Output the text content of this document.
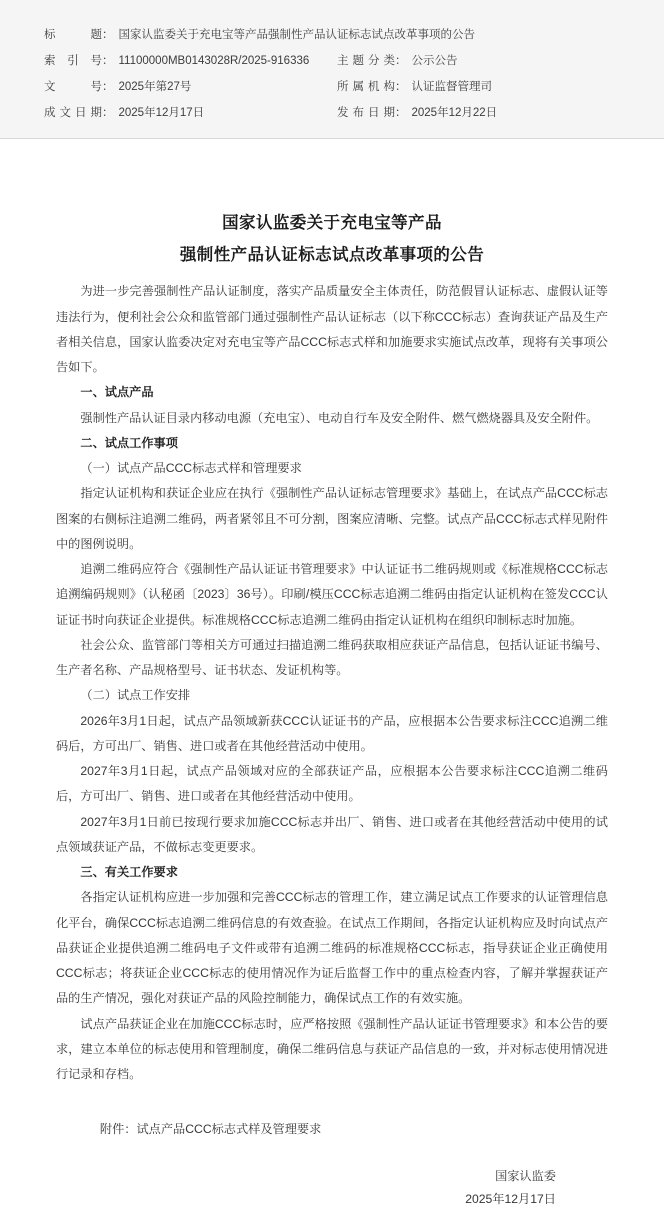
标题 ： 国家认监委关于充电宝等产品强制性产品认证标志试点改革事项的公告
索引号 ： 11100000MB0143028R/2025-916336	主题分类 ： 公示公告
文号 ： 2025年第27号	所属机构 ： 认证监督管理司
成文日期 ： 2025年12月17日	发布日期 ： 2025年12月22日
国家认监委关于充电宝等产品
强制性产品认证标志试点改革事项的公告

为进一步完善强制性产品认证制度，落实产品质量安全主体责任，防范假冒认证标志、虚假认证等违法行为，便利社会公众和监管部门通过强制性产品认证标志（以下称CCC标志）查询获证产品及生产者相关信息，国家认监委决定对充电宝等产品CCC标志式样和加施要求实施试点改革，现将有关事项公告如下。

一、试点产品

强制性产品认证目录内移动电源（充电宝）、电动自行车及安全附件、燃气燃烧器具及安全附件。

二、试点工作事项

（一）试点产品CCC标志式样和管理要求

指定认证机构和获证企业应在执行《强制性产品认证标志管理要求》基础上，在试点产品CCC标志图案的右侧标注追溯二维码，两者紧邻且不可分割，图案应清晰、完整。试点产品CCC标志式样见附件中的图例说明。

追溯二维码应符合《强制性产品认证证书管理要求》中认证证书二维码规则或《标准规格CCC标志追溯编码规则》（认秘函〔2023〕36号）。印刷/模压CCC标志追溯二维码由指定认证机构在签发CCC认证证书时向获证企业提供。标准规格CCC标志追溯二维码由指定认证机构在组织印制标志时加施。

社会公众、监管部门等相关方可通过扫描追溯二维码获取相应获证产品信息，包括认证证书编号、生产者名称、产品规格型号、证书状态、发证机构等。

（二）试点工作安排

2026年3月1日起，试点产品领域新获CCC认证证书的产品，应根据本公告要求标注CCC追溯二维码后，方可出厂、销售、进口或者在其他经营活动中使用。

2027年3月1日起，试点产品领域对应的全部获证产品，应根据本公告要求标注CCC追溯二维码后，方可出厂、销售、进口或者在其他经营活动中使用。

2027年3月1日前已按现行要求加施CCC标志并出厂、销售、进口或者在其他经营活动中使用的试点领域获证产品，不做标志变更要求。

三、有关工作要求

各指定认证机构应进一步加强和完善CCC标志的管理工作，建立满足试点工作要求的认证管理信息化平台，确保CCC标志追溯二维码信息的有效查验。在试点工作期间，各指定认证机构应及时向试点产品获证企业提供追溯二维码电子文件或带有追溯二维码的标准规格CCC标志，指导获证企业正确使用CCC标志；将获证企业CCC标志的使用情况作为证后监督工作中的重点检查内容，了解并掌握获证产品的生产情况，强化对获证产品的风险控制能力，确保试点工作的有效实施。

试点产品获证企业在加施CCC标志时，应严格按照《强制性产品认证证书管理要求》和本公告的要求，建立本单位的标志使用和管理制度，确保二维码信息与获证产品信息的一致，并对标志使用情况进行记录和存档。

附件：试点产品CCC标志式样及管理要求
国家认监委
2025年12月17日
